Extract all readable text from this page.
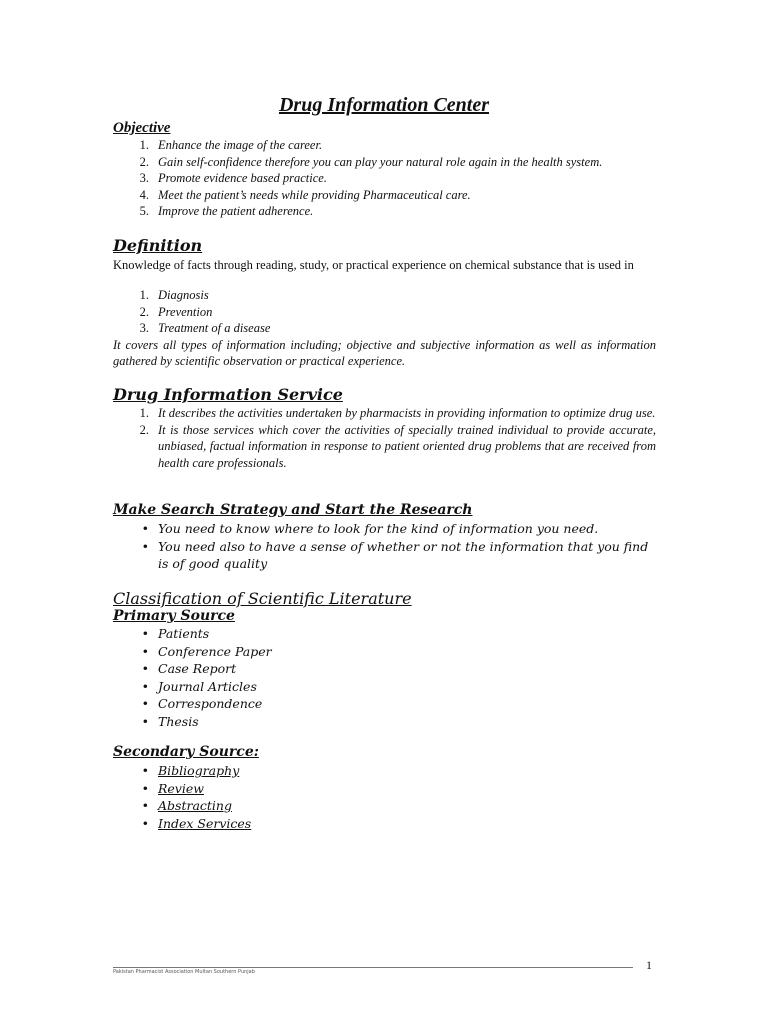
Drug Information Center
Objective
1. Enhance the image of the career.
2. Gain self-confidence therefore you can play your natural role again in the health system.
3. Promote evidence based practice.
4. Meet the patient’s needs while providing Pharmaceutical care.
5. Improve the patient adherence.
Definition
Knowledge of facts through reading, study, or practical experience on chemical substance that is used in
1. Diagnosis
2. Prevention
3. Treatment of a disease
It covers all types of information including; objective and subjective information as well as information gathered by scientific observation or practical experience.
Drug Information Service
1. It describes the activities undertaken by pharmacists in providing information to optimize drug use.
2. It is those services which cover the activities of specially trained individual to provide accurate, unbiased, factual information in response to patient oriented drug problems that are received from health care professionals.
Make Search Strategy and Start the Research
• You need to know where to look for the kind of information you need.
• You need also to have a sense of whether or not the information that you find is of good quality
Classification of Scientific Literature
Primary Source
• Patients
• Conference Paper
• Case Report
• Journal Articles
• Correspondence
• Thesis
Secondary Source:
• Bibliography
• Review
• Abstracting
• Index Services
1
Pakistan Pharmacist Association Multan Southern Punjab
